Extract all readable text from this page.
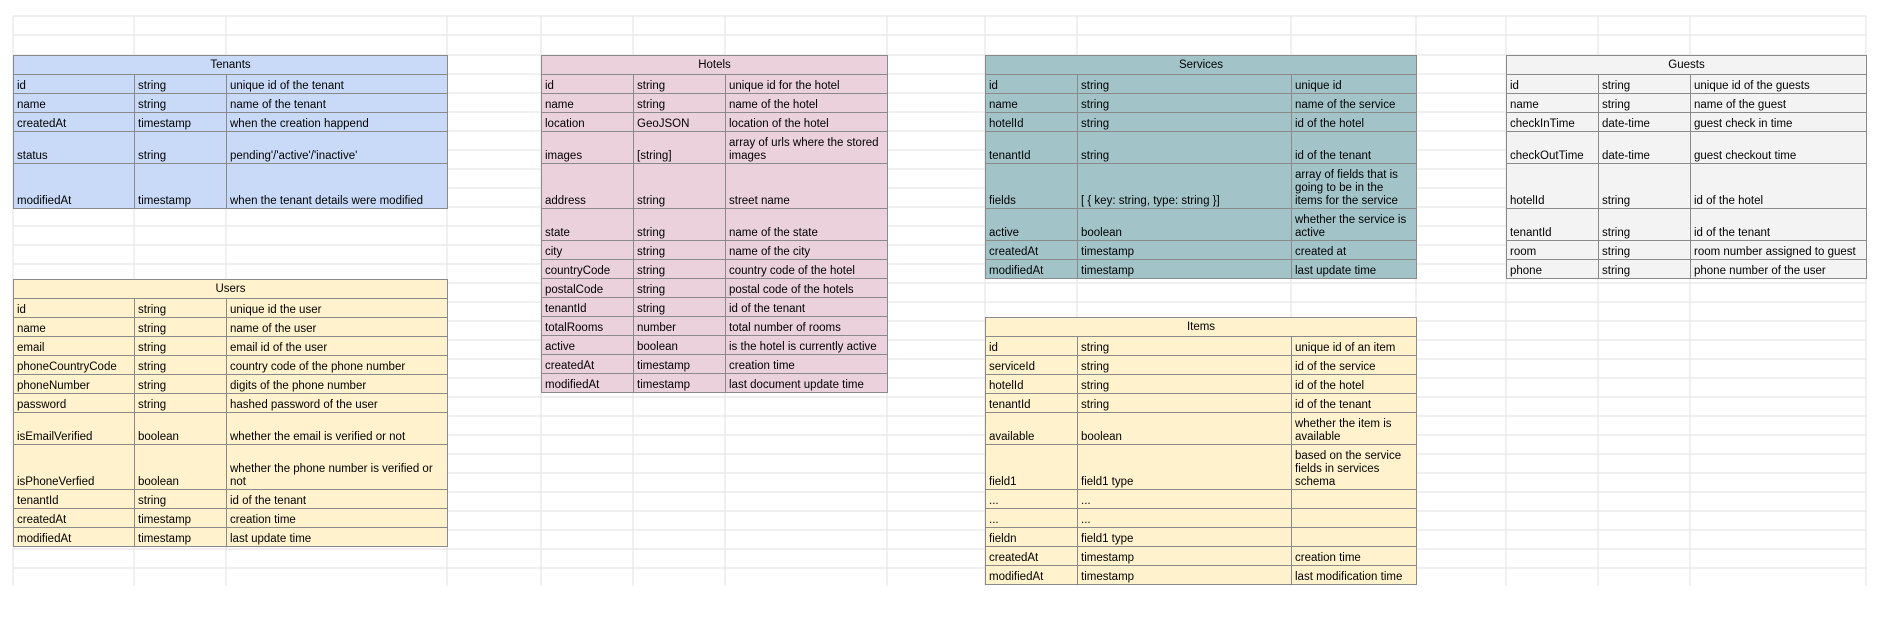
Tenants		
id	string	unique id of the tenant
name	string	name of the tenant
createdAt	timestamp	when the creation happend
status	string	pending'/'active'/'inactive'
modifiedAt	timestamp	when the tenant details were modified
Users		
id	string	unique id the user
name	string	name of the user
email	string	email id of the user
phoneCountryCode	string	country code of the phone number
phoneNumber	string	digits of the phone number
password	string	hashed password of the user
isEmailVerified	boolean	whether the email is verified or not
isPhoneVerfied	boolean	whether the phone number is verified or not
tenantId	string	id of the tenant
createdAt	timestamp	creation time
modifiedAt	timestamp	last update time
Hotels		
id	string	unique id for the hotel
name	string	name of the hotel
location	GeoJSON	location of the hotel
images	[string]	array of urls where the stored images
address	string	street name
state	string	name of the state
city	string	name of the city
countryCode	string	country code of the hotel
postalCode	string	postal code of the hotels
tenantId	string	id of the tenant
totalRooms	number	total number of rooms
active	boolean	is the hotel is currently active
createdAt	timestamp	creation time
modifiedAt	timestamp	last document update time
Services		
id	string	unique id
name	string	name of the service
hotelId	string	id of the hotel
tenantId	string	id of the tenant
fields	[ { key: string, type: string }]	array of fields that is going to be in the items for the service
active	boolean	whether the service is active
createdAt	timestamp	created at
modifiedAt	timestamp	last update time
Items		
id	string	unique id of an item
serviceId	string	id of the service
hotelId	string	id of the hotel
tenantId	string	id of the tenant
available	boolean	whether the item is available
field1	field1 type	based on the service fields in services schema
...	...	
...	...	
fieldn	field1 type	
createdAt	timestamp	creation time
modifiedAt	timestamp	last modification time
Guests		
id	string	unique id of the guests
name	string	name of the guest
checkInTime	date-time	guest check in time
checkOutTime	date-time	guest checkout time
hotelId	string	id of the hotel
tenantId	string	id of the tenant
room	string	room number assigned to guest
phone	string	phone number of the user
